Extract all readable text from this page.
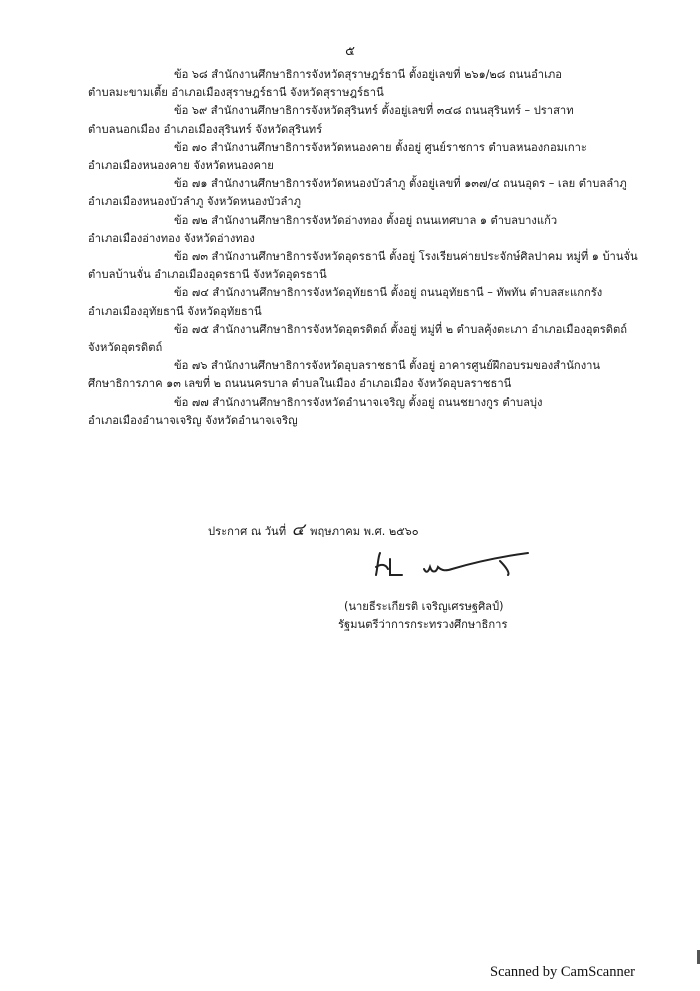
๕

ข้อ ๖๘ สำนักงานศึกษาธิการจังหวัดสุราษฎร์ธานี ตั้งอยู่เลขที่ ๒๖๑/๒๘ ถนนอำเภอ
ตำบลมะขามเตี้ย อำเภอเมืองสุราษฎร์ธานี จังหวัดสุราษฎร์ธานี

ข้อ ๖๙ สำนักงานศึกษาธิการจังหวัดสุรินทร์ ตั้งอยู่เลขที่ ๓๔๘ ถนนสุรินทร์ – ปราสาท
ตำบลนอกเมือง อำเภอเมืองสุรินทร์ จังหวัดสุรินทร์

ข้อ ๗๐ สำนักงานศึกษาธิการจังหวัดหนองคาย ตั้งอยู่ ศูนย์ราชการ ตำบลหนองกอมเกาะ
อำเภอเมืองหนองคาย จังหวัดหนองคาย

ข้อ ๗๑ สำนักงานศึกษาธิการจังหวัดหนองบัวลำภู ตั้งอยู่เลขที่ ๑๓๗/๔ ถนนอุดร – เลย ตำบลลำภู
อำเภอเมืองหนองบัวลำภู จังหวัดหนองบัวลำภู

ข้อ ๗๒ สำนักงานศึกษาธิการจังหวัดอ่างทอง ตั้งอยู่ ถนนเทศบาล ๑ ตำบลบางแก้ว
อำเภอเมืองอ่างทอง จังหวัดอ่างทอง

ข้อ ๗๓ สำนักงานศึกษาธิการจังหวัดอุดรธานี ตั้งอยู่ โรงเรียนค่ายประจักษ์ศิลปาคม หมู่ที่ ๑ บ้านจั่น
ตำบลบ้านจั่น อำเภอเมืองอุดรธานี จังหวัดอุดรธานี

ข้อ ๗๔ สำนักงานศึกษาธิการจังหวัดอุทัยธานี ตั้งอยู่ ถนนอุทัยธานี – ทัพทัน ตำบลสะแกกรัง
อำเภอเมืองอุทัยธานี จังหวัดอุทัยธานี

ข้อ ๗๕ สำนักงานศึกษาธิการจังหวัดอุตรดิตถ์ ตั้งอยู่ หมู่ที่ ๒ ตำบลคุ้งตะเภา อำเภอเมืองอุตรดิตถ์
จังหวัดอุตรดิตถ์

ข้อ ๗๖ สำนักงานศึกษาธิการจังหวัดอุบลราชธานี ตั้งอยู่ อาคารศูนย์ฝึกอบรมของสำนักงาน
ศึกษาธิการภาค ๑๓ เลขที่ ๒ ถนนนครบาล ตำบลในเมือง อำเภอเมือง จังหวัดอุบลราชธานี

ข้อ ๗๗ สำนักงานศึกษาธิการจังหวัดอำนาจเจริญ ตั้งอยู่ ถนนชยางกูร ตำบลบุ่ง
อำเภอเมืองอำนาจเจริญ จังหวัดอำนาจเจริญ

ประกาศ ณ วันที่ ๔ พฤษภาคม พ.ศ. ๒๕๖๐
(นายธีระเกียรติ เจริญเศรษฐศิลป์)
รัฐมนตรีว่าการกระทรวงศึกษาธิการ
Scanned by CamScanner
